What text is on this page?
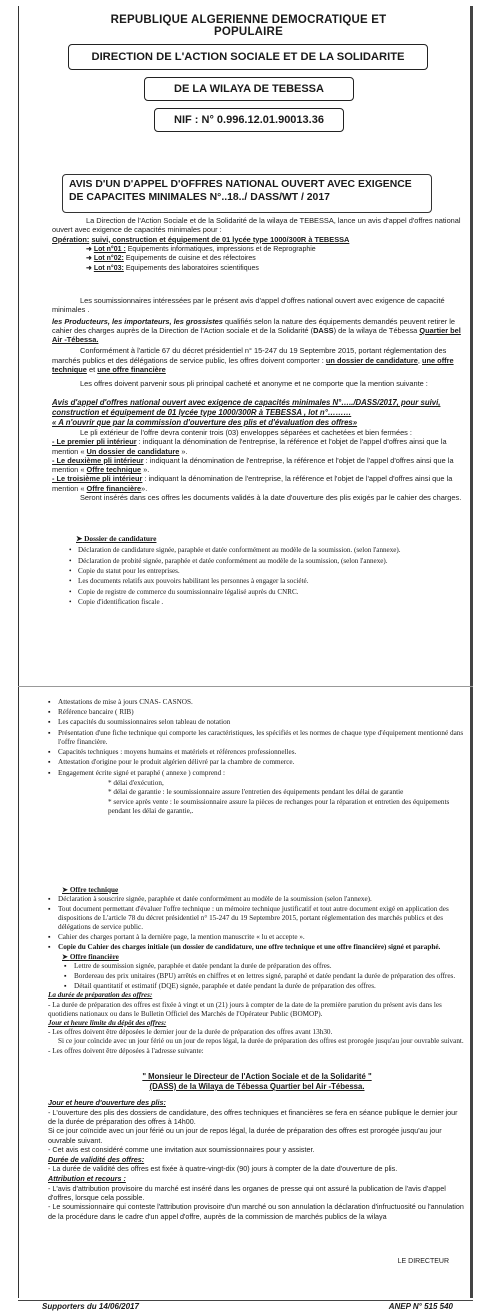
REPUBLIQUE ALGERIENNE DEMOCRATIQUE ET POPULAIRE
DIRECTION DE L'ACTION SOCIALE ET DE LA SOLIDARITE
DE LA WILAYA DE TEBESSA
NIF : N° 0.996.12.01.90013.36
AVIS D'UN D'APPEL D'OFFRES NATIONAL OUVERT AVEC EXIGENCE DE CAPACITES MINIMALES N°..18../ DASS/WT / 2017

La Direction de l'Action Sociale et de la Solidarité de la wilaya de TEBESSA, lance un avis d'appel d'offres national ouvert avec exigence de capacités minimales pour :

Opération: suivi, construction et équipement de 01 lycée type 1000/300R à TEBESSA

➜ Lot n°01 : Equipements informatiques, impressions et de Reprographie
➜ Lot n°02: Equipements de cuisine et des réfectoires
➜ Lot n°03: Equipements des laboratoires scientifiques

Les soumissionnaires intéressées par le présent avis d'appel d'offres national ouvert avec exigence de capacité minimales .

les Producteurs, les importateurs, les grossistes qualifiés selon la nature des équipements demandés peuvent retirer le cahier des charges auprès de la Direction de l'Action sociale et de la Solidarité (DASS) de la wilaya de Tébessa Quartier bel Air -Tébessa.

Conformément à l'article 67 du décret présidentiel n° 15-247 du 19 Septembre 2015, portant réglementation des marchés publics et des délégations de service public, les offres doivent comporter : un dossier de candidature, une offre technique et une offre financière

Les offres doivent parvenir sous pli principal cacheté et anonyme et ne comporte que la mention suivante :

Avis d'appel d'offres national ouvert avec exigence de capacités minimales N°…../DASS/2017, pour suivi, construction et équipement de 01 lycée type 1000/300R à TEBESSA , lot n°………

« A n'ouvrir que par la commission d'ouverture des plis et d'évaluation des offres»

Le pli extérieur de l'offre devra contenir trois (03) enveloppes séparées et cachetées et bien fermées :

- Le premier pli intérieur : indiquant la dénomination de l'entreprise, la référence et l'objet de l'appel d'offres ainsi que la mention « Un dossier de candidature ».

- Le deuxième pli intérieur : indiquant la dénomination de l'entreprise, la référence et l'objet de l'appel d'offres ainsi que la mention « Offre technique ».

- Le troisième pli intérieur : indiquant la dénomination de l'entreprise, la référence et l'objet de l'appel d'offres ainsi que la mention « Offre financière».

Seront insérés dans ces offres les documents validés à la date d'ouverture des plis exigés par le cahier des charges.

➤ Dossier de candidature
• Déclaration de candidature signée, paraphée et datée conformément au modèle de la soumission. (selon l'annexe).
• Déclaration de probité signée, paraphée et datée conformément au modèle de la soumission, (selon l'annexe).
• Copie du statut pour les entreprises.
• Les documents relatifs aux pouvoirs habilitant les personnes à engager la société.
• Copie de registre de commerce du soumissionnaire légalisé auprès du CNRC.
• Copie d'identification fiscale .
▪ Attestations de mise à jours CNAS- CASNOS.
▪ Référence bancaire ( RIB)
▪ Les capacités du soumissionnaires selon tableau de notation
▪ Présentation d'une fiche technique qui comporte les caractéristiques, les spécifiés et les normes de chaque type d'équipement mentionné dans l'offre financière.
▪ Capacités techniques : moyens humains et matériels et références professionnelles.
▪ Attestation d'origine pour le produit algérien délivré par la chambre de commerce.
▪ Engagement écrite signé et paraphé ( annexe ) comprend :
* délai d'exécution,
* délai de garantie : le soumissionnaire assure l'entretien des équipements pendant les délai de garantie
* service après vente : le soumissionnaire assure la pièces de rechanges pour la réparation et entretien des équipements pendant les délai de garantie,.
➤ Offre technique
▪ Déclaration à souscrire signée, paraphée et datée conformément au modèle de la soumission (selon l'annexe).
▪ Tout document permettant d'évaluer l'offre technique : un mémoire technique justificatif et tout autre document exigé en application des dispositions de L'article 78 du décret présidentiel n° 15-247 du 19 Septembre 2015, portant réglementation des marchés publics et des délégations de service public.
▪ Cahier des charges portant à la dernière page, la mention manuscrite « lu et accepte ».
▪ Copie du Cahier des charges initiale (un dossier de candidature, une offre technique et une offre financière) signé et paraphé.
➤ Offre financière
▪ Lettre de soumission signée, paraphée et datée pendant la durée de préparation des offres.
▪ Bordereau des prix unitaires (BPU) arrêtés en chiffres et en lettres signé, paraphé et datée pendant la durée de préparation des offres.
▪ Détail quantitatif et estimatif (DQE) signée, paraphée et datée pendant la durée de préparation des offres.
La durée de préparation des offres:
- La durée de préparation des offres est fixée à vingt et un (21) jours à compter de la date de la première parution du présent avis dans les quotidiens nationaux ou dans le Bulletin Officiel des Marchés de l'Opérateur Public (BOMOP).
Jour et heure limite du dépôt des offres:
- Les offres doivent être déposées le dernier jour de la durée de préparation des offres avant 13h30.
Si ce jour coïncide avec un jour férié ou un jour de repos légal, la durée de préparation des offres est prorogée jusqu'au jour ouvrable suivant.
- Les offres doivent être déposées à l'adresse suivante:
" Monsieur le Directeur de l'Action Sociale et de la Solidarité "
(DASS) de la Wilaya de Tébessa Quartier bel Air -Tébessa.
Jour et heure d'ouverture des plis:
- L'ouverture des plis des dossiers de candidature, des offres techniques et financières se fera en séance publique le dernier jour de la durée de préparation des offres à 14h00.
Si ce jour coïncide avec un jour férié ou un jour de repos légal, la durée de préparation des offres est prorogée jusqu'au jour ouvrable suivant.
- Cet avis est considéré comme une invitation aux soumissionnaires pour y assister.
Durée de validité des offres:
- La durée de validité des offres est fixée à quatre-vingt-dix (90) jours à compter de la date d'ouverture de plis.
Attribution et recours :
- L'avis d'attribution provisoire du marché est inséré dans les organes de presse qui ont assuré la publication de l'avis d'appel d'offres, lorsque cela possible.
- Le soumissionnaire qui conteste l'attribution provisoire d'un marché ou son annulation la déclaration d'infructuosité ou l'annulation de la procédure dans le cadre d'un appel d'offre, auprès de la commission de marchés publics de la wilaya
LE DIRECTEUR
Supporters du 14/06/2017	ANEP N° 515 540
